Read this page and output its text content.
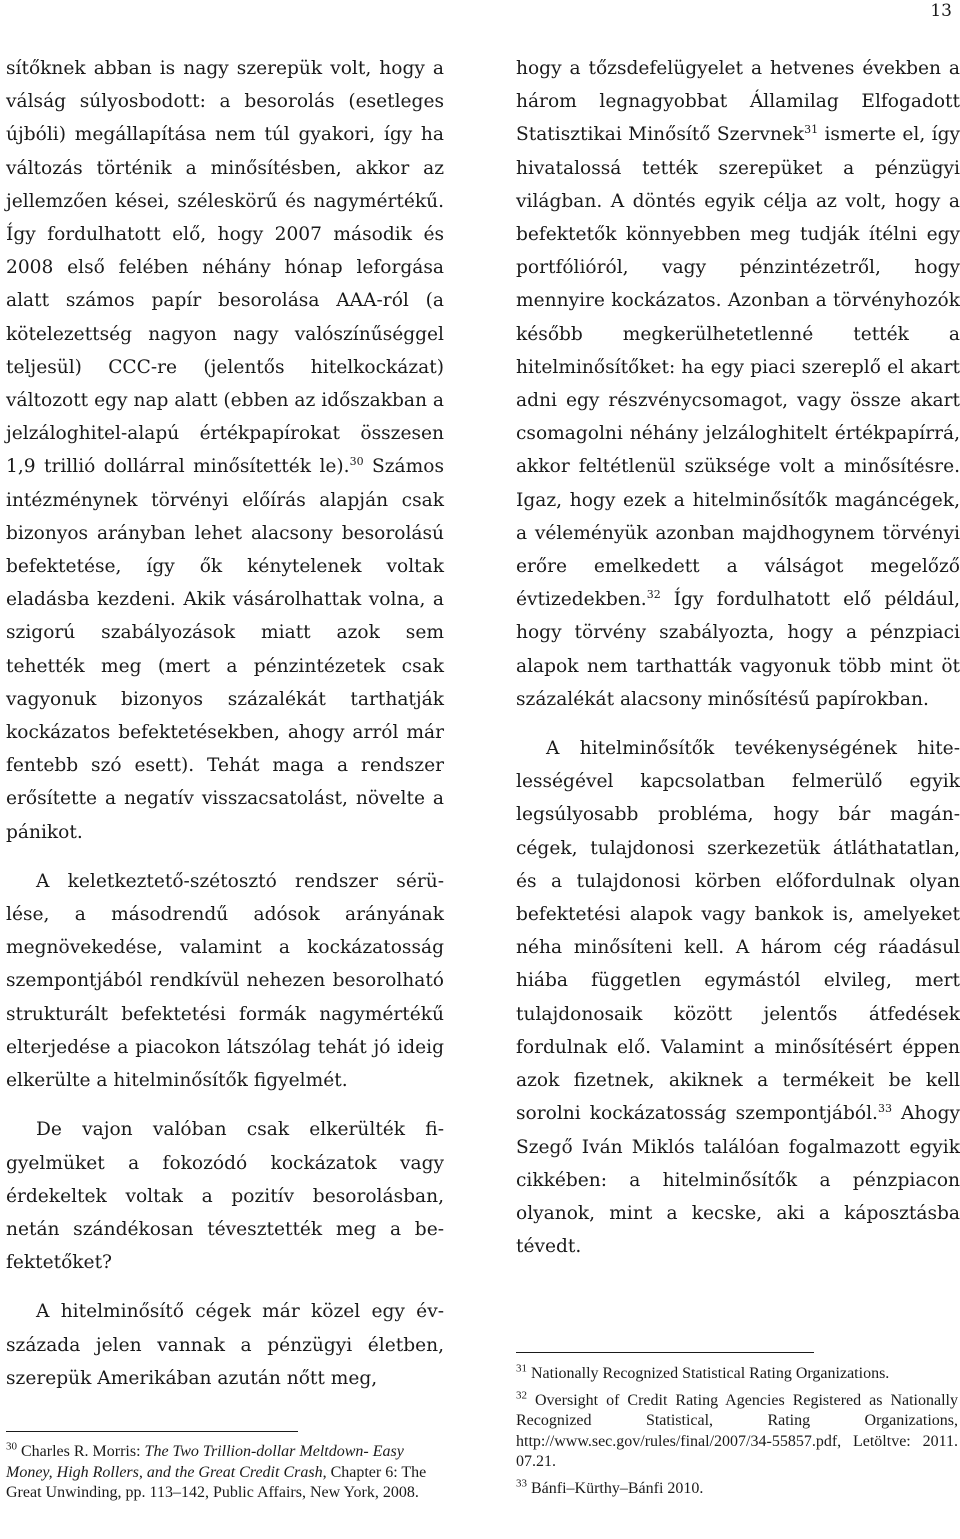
13

sítőknek abban is nagy szerepük volt, hogy a válság súlyosbodott: a besorolás (esetleges újbóli) megállapítása nem túl gyakori, így ha változás történik a minősítésben, akkor az jellemzően kései, széleskörű és nagymértékű. Így fordulhatott elő, hogy 2007 második és 2008 első felében néhány hónap leforgása alatt számos papír besorolása AAA-ról (a kötelezettség nagyon nagy valószínűséggel teljesül) CCC-re (jelentős hitelkockázat) változott egy nap alatt (ebben az időszakban a jelzáloghitel-alapú értékpapírokat összesen 1,9 trillió dollárral minősítették le).$^{30}$ Számos intézménynek törvényi előírás alapján csak bizonyos arányban lehet alacsony besorolású befektetése, így ők kénytelenek voltak eladásba kezdeni. Akik vásárolhattak volna, a szigorú szabályozások miatt azok sem tehették meg (mert a pénzintézetek csak vagyonuk bizonyos százalékát tarthatják kockázatos befektetésekben, ahogy arról már fentebb szó esett). Tehát maga a rendszer erősítette a negatív visszacsatolást, növelte a pánikot.

A keletkeztető-szétosztó rendszer sérülése, a másodrendű adósok arányának megnövekedése, valamint a kockázatosság szempontjából rendkívül nehezen besorolható strukturált befektetési formák nagymértékű elterjedése a piacokon látszólag tehát jó ideig elkerülte a hitelminősítők figyelmét.

De vajon valóban csak elkerülték figyelmüket a fokozódó kockázatok vagy érdekeltek voltak a pozitív besorolásban, netán szándékosan tévesztették meg a befektetőket?

A hitelminősítő cégek már közel egy évszázada jelen vannak a pénzügyi életben, szerepük Amerikában azután nőtt meg,

hogy a tőzsdefelügyelet a hetvenes években a három legnagyobbat Államilag Elfogadott Statisztikai Minősítő Szervnek$^{31}$ ismerte el, így hivatalossá tették szerepüket a pénzügyi világban. A döntés egyik célja az volt, hogy a befektetők könnyebben meg tudják ítélni egy portfólióról, vagy pénzintézetről, hogy mennyire kockázatos. Azonban a törvényhozók később megkerülhetetlenné tették a hitelminősítőket: ha egy piaci szereplő el akart adni egy részvénycsomagot, vagy össze akart csomagolni néhány jelzáloghitelt értékpapírrá, akkor feltétlenül szüksége volt a minősítésre. Igaz, hogy ezek a hitelminősítők magáncégek, a véleményük azonban majdhogynem törvényi erőre emelkedett a válságot megelőző évtizedekben.$^{32}$ Így fordulhatott elő például, hogy törvény szabályozta, hogy a pénzpiaci alapok nem tarthatták vagyonuk több mint öt százalékát alacsony minősítésű papírokban.

A hitelminősítők tevékenységének hitelességével kapcsolatban felmerülő egyik legsúlyosabb probléma, hogy bár magáncégek, tulajdonosi szerkezetük átláthatatlan, és a tulajdonosi körben előfordulnak olyan befektetési alapok vagy bankok is, amelyeket néha minősíteni kell. A három cég ráadásul hiába független egymástól elvileg, mert tulajdonosaik között jelentős átfedések fordulnak elő. Valamint a minősítésért éppen azok fizetnek, akiknek a termékeit be kell sorolni kockázatosság szempontjából.$^{33}$ Ahogy Szegő Iván Miklós találóan fogalmazott egyik cikkében: a hitelminősítők a pénzpiacon olyanok, mint a kecske, aki a káposztásba tévedt.

$^{30}$ Charles R. Morris: The Two Trillion-dollar Meltdown- Easy Money, High Rollers, and the Great Credit Crash, Chapter 6: The Great Unwinding, pp. 113–142, Public Affairs, New York, 2008.

$^{31}$ Nationally Recognized Statistical Rating Organizations.

$^{32}$ Oversight of Credit Rating Agencies Registered as Nationally Recognized Statistical, Rating Organizations, http://www.sec.gov/rules/final/2007/34-55857.pdf, Letöltve: 2011. 07.21.

$^{33}$ Bánfi–Kürthy–Bánfi 2010.
